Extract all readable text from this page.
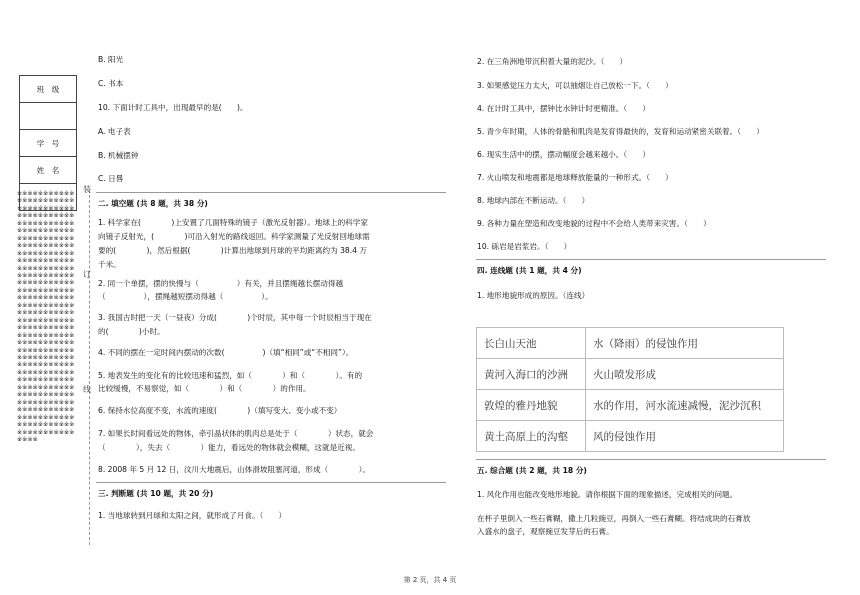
班　级

学　号
姓　名

※※※※※※※※※※※※※※※※※※※※※※※※※※※※※※※※※※※※※※※※※※※※※※※※※※※※※※※※※※※※※※※※※※※※※※※※※※※※※※※※※※※※※※※※※※※※※※※※※※※※※※※※※※※※※※※※※※※※※※※※※※※※※※※※※※※※※※※※※※※※※※※※※※※※※※※※※※※※※※※※※※※※※※※※※※※※※※※※※※※※※※※※※※※※※※※※※※※※※※※※※※※※※※※※※※※※※※※※※※※※※※※※※※※※※※※※※※※※※※※※※※※※※※※※※※※※※※※※※※※※※※※※※※※※※※※※※※※※※※※※※※※※※※※※※※※※※※※※※※※※※※※※※※※※※※※※※※※※※※※※※※※※※※※※※※※※※※※※※※※※※※※※※※※※※※※※※※※※※※※※※※※※※※※
装
订
线
B. 阳光
C. 书本
10. 下面计时工具中，出现最早的是(　　)。
A. 电子表
B. 机械摆钟
C. 日晷
二. 填空题 (共 8 题，共 38 分)
1. 科学家在(　　　　)上安置了几面特殊的镜子（激光反射器）。地球上的科学家
向镜子反射光，(　　　　)可沿入射光的路线返回。科学家测量了光反射回地球需
要的(　　　　)，然后根据(　　　　)计算出地球到月球的平均距离约为 38.4 万
千米。
2. 同一个单摆，摆的快慢与（　　　　　）有关，并且摆绳越长摆动得越
（　　　　　），摆绳越短摆动得越（　　　　　）。
3. 我国古时把一天（一昼夜）分成(　　　　)个时辰，其中每一个时辰相当于现在
的(　　　　)小时。
4. 不同的摆在一定时间内摆动的次数(　　　　　)（填“相同”或“不相同”）。
5. 地表发生的变化有的比较迅速和猛烈，如（　　　　）和（　　　　）。有的
比较缓慢，不易察觉，如（　　　　）和（　　　　）的作用。
6. 保持水位高度不变，水流的速度(　　　　)（填写变大、变小或不变）
7. 如果长时间看远处的物体，牵引晶状体的肌肉总是处于（　　　　）状态，就会
（　　　　），失去（　　　　）能力，看远处的物体就会模糊，这就是近视。
8. 2008 年 5 月 12 日，汶川大地震后，山体滑坡阻塞河道，形成（　　　　）。
三. 判断题 (共 10 题，共 20 分)
1. 当地球转到月球和太阳之间，就形成了月食。（　　）
2. 在三角洲地带沉积着大量的泥沙。（　　）
3. 如果感觉压力太大，可以抽烟让自己放松一下。（　　）
4. 在计时工具中，摆钟比水钟计时更精准。（　　）
5. 青少年时期，人体的骨骼和肌肉是发育得最快的，发育和运动紧密关联着。（　　）
6. 现实生活中的摆，摆动幅度会越来越小。（　　）
7. 火山喷发和地震都是地球释放能量的一种形式。（　　）
8. 地球内部在不断运动。（　　）
9. 各种力量在塑造和改变地貌的过程中不会给人类带来灾害。（　　）
10. 砾岩是岩浆岩。（　　）
四. 连线题 (共 1 题，共 4 分)
1. 地形地貌形成的原因。（连线）
五. 综合题 (共 2 题，共 18 分)
1. 风化作用也能改变地形地貌。请你根据下面的现象描述，完成相关的问题。
在杯子里倒入一些石膏糊，撒上几粒豌豆，再倒入一些石膏糊。将结成块的石膏放
入盛水的盘子，观察豌豆发芽后的石膏。
长白山天池	水（降雨）的侵蚀作用
黄河入海口的沙洲	火山喷发形成
敦煌的雅丹地貌	水的作用，河水流速减慢，泥沙沉积
黄土高原上的沟壑	风的侵蚀作用
第 2 页，共 4 页
